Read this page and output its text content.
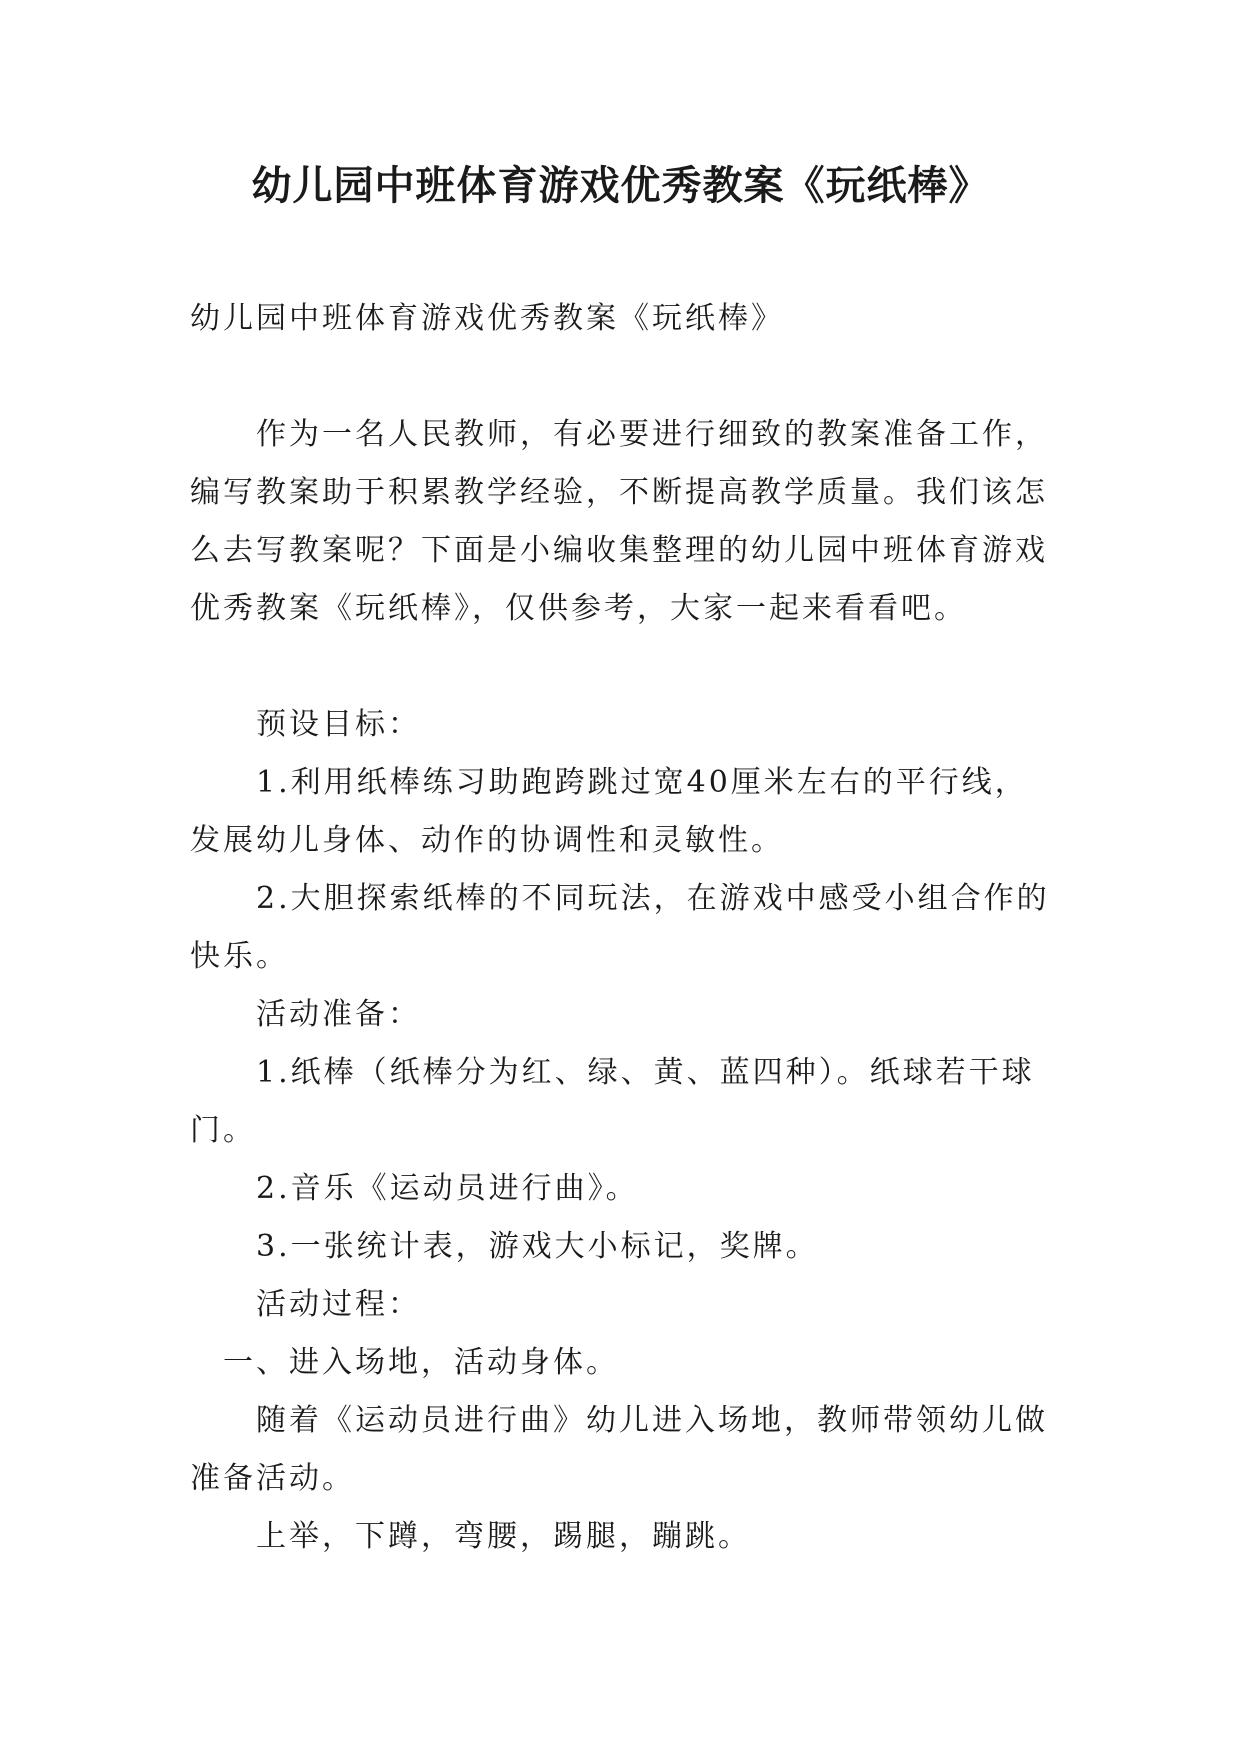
幼儿园中班体育游戏优秀教案《玩纸棒》

幼儿园中班体育游戏优秀教案《玩纸棒》

作为一名人民教师，有必要进行细致的教案准备工作，编写教案助于积累教学经验，不断提高教学质量。我们该怎么去写教案呢？下面是小编收集整理的幼儿园中班体育游戏优秀教案《玩纸棒》，仅供参考，大家一起来看看吧。

预设目标：

1.利用纸棒练习助跑跨跳过宽40厘米左右的平行线，发展幼儿身体、动作的协调性和灵敏性。

2.大胆探索纸棒的不同玩法，在游戏中感受小组合作的快乐。

活动准备：

1.纸棒（纸棒分为红、绿、黄、蓝四种）。纸球若干球门。

2.音乐《运动员进行曲》。

3.一张统计表，游戏大小标记，奖牌。

活动过程：

一、进入场地，活动身体。

随着《运动员进行曲》幼儿进入场地，教师带领幼儿做准备活动。

上举，下蹲，弯腰，踢腿，蹦跳。
